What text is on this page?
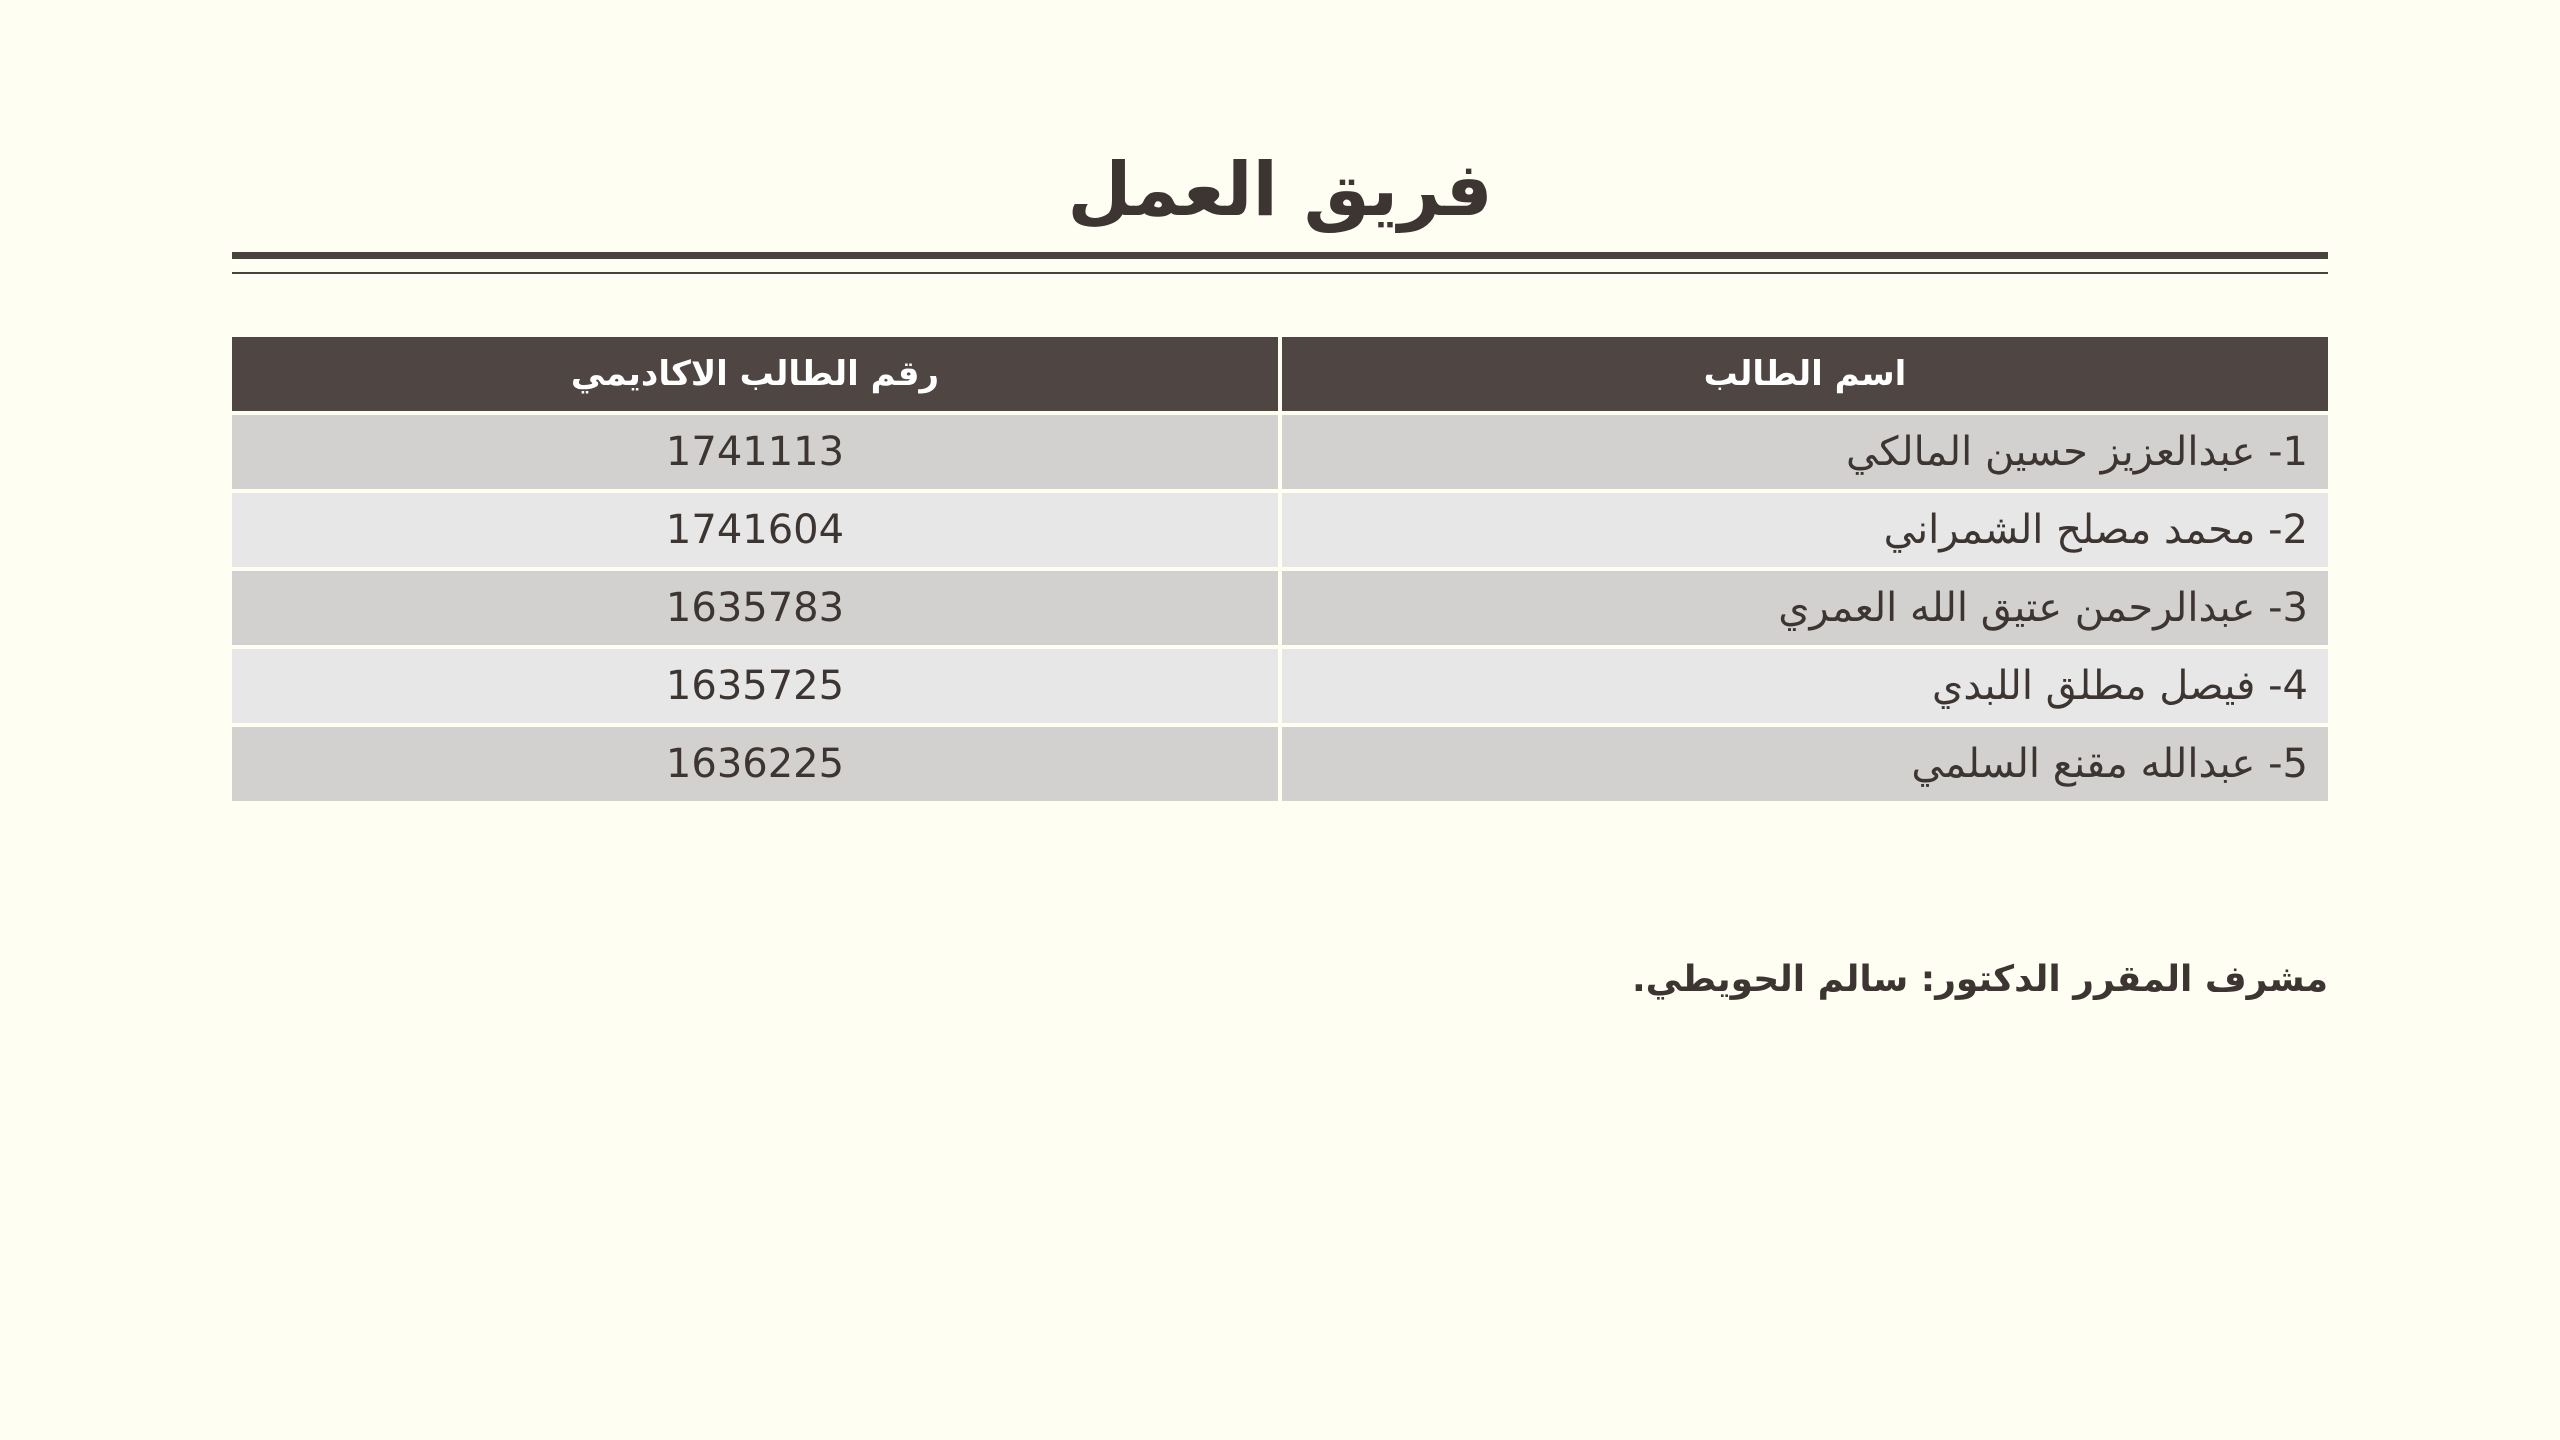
فريق العمل
اسم الطالب
رقم الطالب الاكاديمي
1- عبدالعزيز حسين المالكي
1741113
2- محمد مصلح الشمراني
1741604
3- عبدالرحمن عتيق الله العمري
1635783
4- فيصل مطلق اللبدي
1635725
5- عبدالله مقنع السلمي
1636225

مشرف المقرر الدكتور: سالم الحويطي.
